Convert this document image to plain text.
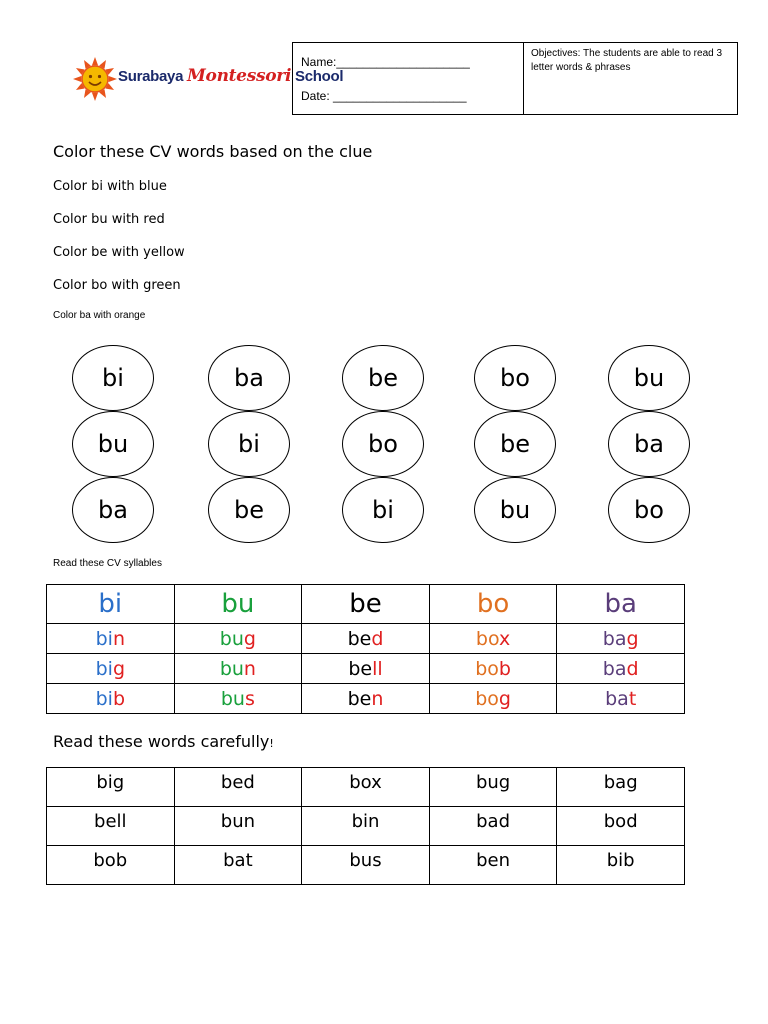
Surabaya Montessori School
Name:____________________
Date: ____________________
Objectives: The students are able to read 3 letter words & phrases
Color these CV words based on the clue
Color bi with blue
Color bu with red
Color be with yellow
Color bo with green
Color ba with orange
bi	ba	be	bo	bu
bu	bi	bo	be	ba
ba	be	bi	bu	bo
Read these CV syllables
bi	bu	be	bo	ba
bin	bug	bed	box	bag
big	bun	bell	bob	bad
bib	bus	ben	bog	bat
Read these words carefully!
big	bed	box	bug	bag
bell	bun	bin	bad	bod
bob	bat	bus	ben	bib
